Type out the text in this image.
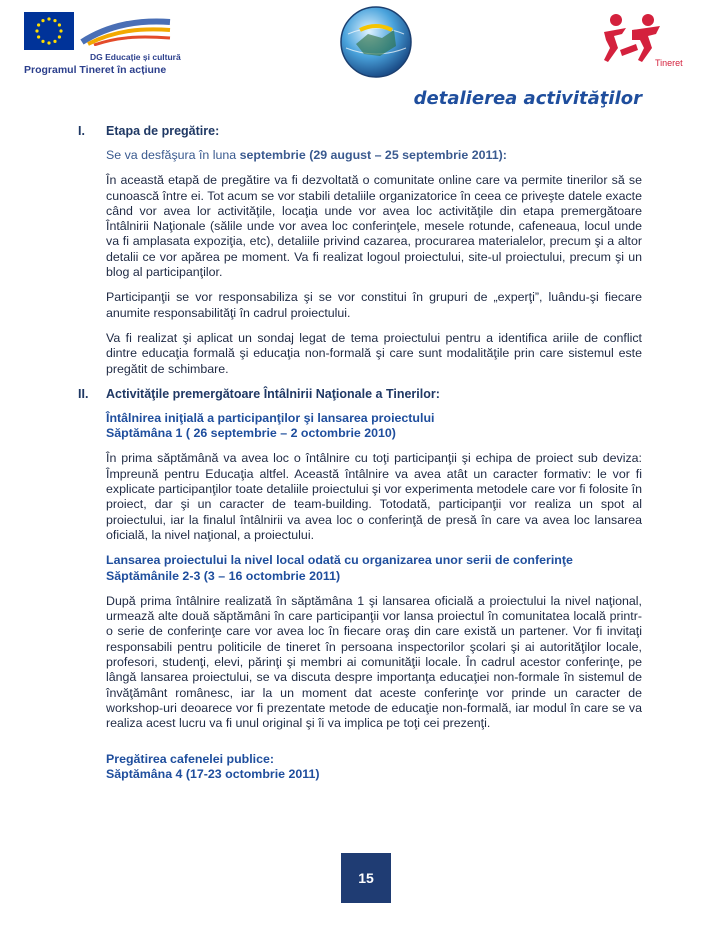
DG Educație și cultură
Programul Tineret în acțiune
Tineret
detalierea activităţilor
I.	Etapa de pregătire:

Se va desfăşura în luna septembrie (29 august – 25 septembrie 2011):

În această etapă de pregătire va fi dezvoltată o comunitate online care va permite tinerilor să se cunoască între ei. Tot acum se vor stabili detaliile organizatorice în ceea ce priveşte datele exacte când vor avea lor activităţile, locaţia unde vor avea loc activităţile din etapa premergătoare Întâlnirii Naţionale (sălile unde vor avea loc conferinţele, mesele rotunde, cafeneaua, locul unde va fi amplasata expoziţia, etc), detaliile privind cazarea, procurarea materialelor, precum şi a altor detalii ce vor apărea pe moment. Va fi realizat logoul proiectului, site-ul proiectului, precum şi un blog al participanţilor.

Participanţii se vor responsabiliza şi se vor constitui în grupuri de „experţi”, luându-şi fiecare anumite responsabilităţi în cadrul proiectului.

Va fi realizat şi aplicat un sondaj legat de tema proiectului pentru a identifica ariile de conflict dintre educaţia formală şi educaţia non-formală şi care sunt modalităţile prin care sistemul este pregătit de schimbare.

II.	Activităţile premergătoare Întâlnirii Naţionale a Tinerilor:

Întâlnirea iniţială a participanţilor şi lansarea proiectului
Săptămâna 1 ( 26 septembrie – 2 octombrie 2010)

În prima săptămână va avea loc o întâlnire cu toţi participanţii şi echipa de proiect sub deviza: Împreună pentru Educaţia altfel. Această întâlnire va avea atât un caracter formativ: le vor fi explicate participanţilor toate detaliile proiectului şi vor experimenta metodele care vor fi folosite în proiect, dar şi un caracter de team-building. Totodată, participanţii vor realiza un spot al proiectului, iar la finalul întâlnirii va avea loc o conferinţă de presă în care va avea loc lansarea oficială, la nivel naţional, a proiectului.

Lansarea proiectului la nivel local odată cu organizarea unor serii de conferinţe
Săptămânile 2-3 (3 – 16 octombrie 2011)

După prima întâlnire realizată în săptămâna 1 şi lansarea oficială a proiectului la nivel naţional, urmează alte două săptămâni în care participanţii vor lansa proiectul în comunitatea locală printr-o serie de conferinţe care vor avea loc în fiecare oraş din care există un partener. Vor fi invitaţi responsabili pentru politicile de tineret în persoana inspectorilor şcolari şi ai autorităţilor locale, profesori, studenţi, elevi, părinţi şi membri ai comunităţii locale. În cadrul acestor conferinţe, pe lângă lansarea proiectului, se va discuta despre importanţa educaţiei non-formale în sistemul de învăţământ românesc, iar la un moment dat aceste conferinţe vor prinde un caracter de workshop-uri deoarece vor fi prezentate metode de educaţie non-formală, iar modul în care se va realiza acest lucru va fi unul original şi îi va implica pe toţi cei prezenţi.

Pregătirea cafenelei publice:
Săptămâna 4 (17-23 octombrie 2011)

15
